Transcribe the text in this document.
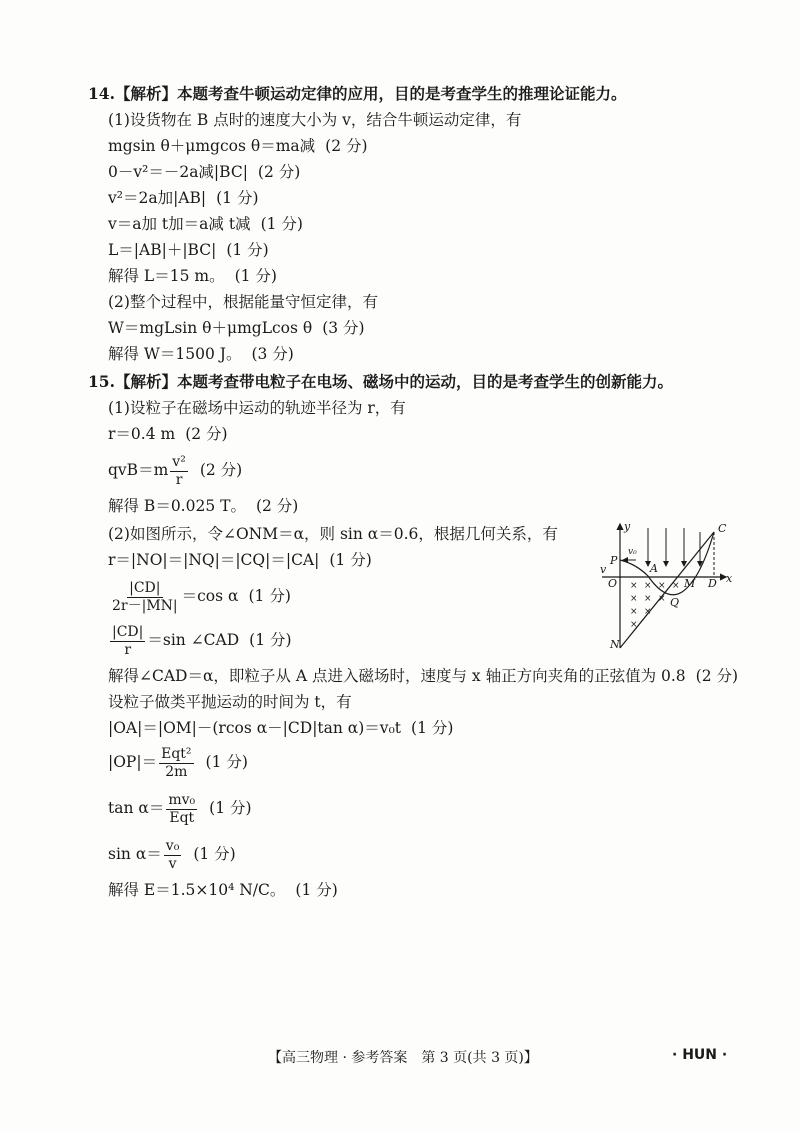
14.【解析】本题考查牛顿运动定律的应用，目的是考查学生的推理论证能力。
(1)设货物在 B 点时的速度大小为 v，结合牛顿运动定律，有
mgsin θ＋μmgcos θ＝ma减 (2 分)
0－v²＝－2a减|BC| (2 分)
v²＝2a加|AB| (1 分)
v＝a加 t加＝a减 t减 (1 分)
L＝|AB|＋|BC| (1 分)
解得 L＝15 m。 (1 分)
(2)整个过程中，根据能量守恒定律，有
W＝mgLsin θ＋μmgLcos θ (3 分)
解得 W＝1500 J。 (3 分)
15.【解析】本题考查带电粒子在电场、磁场中的运动，目的是考查学生的创新能力。
(1)设粒子在磁场中运动的轨迹半径为 r，有
r＝0.4 m (2 分)
$qvB=m \frac{\text{v²}}{r} (2$ 分)
解得 B＝0.025 T。 (2 分)
(2)如图所示，令∠ONM＝α，则 sin α＝0.6，根据几何关系，有
r＝|NO|＝|NQ|＝|CQ|＝|CA| (1 分)
$\frac{|CD|}{2r-|MN|} =\cos$ α (1 分)
$\frac{|CD|}{r} =\sin$ ∠CAD (1 分)
解得∠CAD＝α，即粒子从 A 点进入磁场时，速度与 x 轴正方向夹角的正弦值为 0.8 (2 分)
设粒子做类平抛运动的时间为 t，有
|OA|＝|OM|－(rcos α－|CD|tan α)＝v₀t (1 分)
|OP|＝ Eqt²
2m
(1 分)
tan α＝ mv₀
Eqt
(1 分)
$\sin \alpha= \frac{\text{v₀}}{v} (1$ 分)
解得 E＝1.5×10⁴ N/C。 (1 分)
× × × ×
× × ×
× ×
×
y
x
C
v₀
P
A
v
O	M D
Q
N
【高三物理 · 参考答案　第 3 页(共 3 页)】	· HUN ·
